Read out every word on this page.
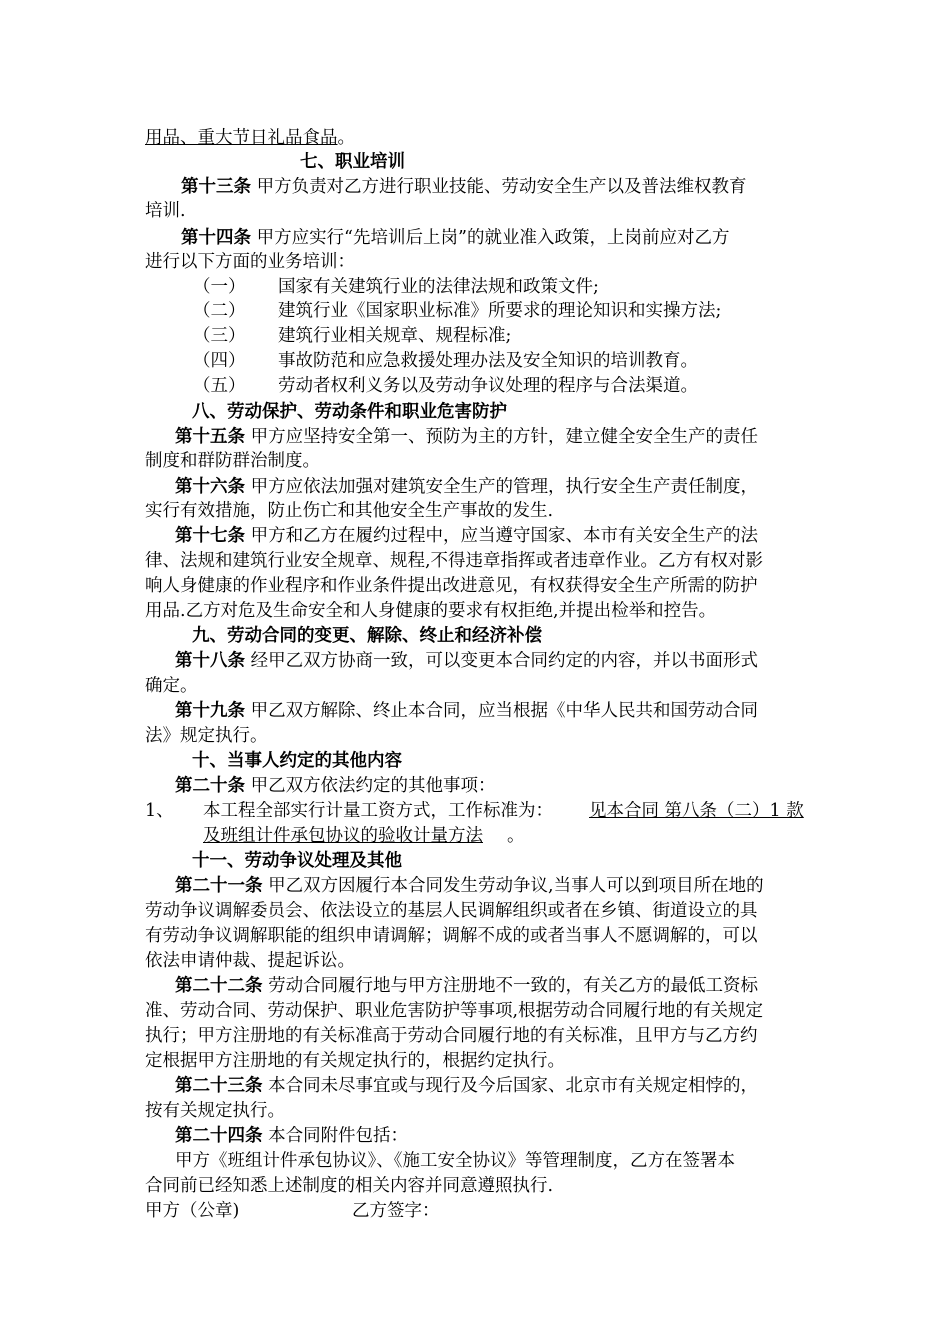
用品、重大节日礼品食品。
七、职业培训
第十三条 甲方负责对乙方进行职业技能、劳动安全生产以及普法维权教育
培训.
第十四条 甲方应实行“先培训后上岗”的就业准入政策，上岗前应对乙方
进行以下方面的业务培训：
（一） 国家有关建筑行业的法律法规和政策文件;
（二） 建筑行业《国家职业标准》所要求的理论知识和实操方法;
（三） 建筑行业相关规章、规程标准;
（四） 事故防范和应急救援处理办法及安全知识的培训教育。
（五） 劳动者权利义务以及劳动争议处理的程序与合法渠道。
八、劳动保护、劳动条件和职业危害防护
第十五条 甲方应坚持安全第一、预防为主的方针，建立健全安全生产的责任
制度和群防群治制度。
第十六条 甲方应依法加强对建筑安全生产的管理，执行安全生产责任制度，
实行有效措施，防止伤亡和其他安全生产事故的发生.
第十七条 甲方和乙方在履约过程中，应当遵守国家、本市有关安全生产的法
律、法规和建筑行业安全规章、规程,不得违章指挥或者违章作业。乙方有权对影
响人身健康的作业程序和作业条件提出改进意见，有权获得安全生产所需的防护
用品.乙方对危及生命安全和人身健康的要求有权拒绝,并提出检举和控告。
九、劳动合同的变更、解除、终止和经济补偿
第十八条 经甲乙双方协商一致，可以变更本合同约定的内容，并以书面形式
确定。
第十九条 甲乙双方解除、终止本合同，应当根据《中华人民共和国劳动合同
法》规定执行。
十、当事人约定的其他内容
第二十条 甲乙双方依法约定的其他事项：
1、 本工程全部实行计量工资方式，工作标准为： 见本合同 第八条（二）1 款
及班组计件承包协议的验收计量方法 。
十一、劳动争议处理及其他
第二十一条 甲乙双方因履行本合同发生劳动争议,当事人可以到项目所在地的
劳动争议调解委员会、依法设立的基层人民调解组织或者在乡镇、街道设立的具
有劳动争议调解职能的组织申请调解；调解不成的或者当事人不愿调解的，可以
依法申请仲裁、提起诉讼。
第二十二条 劳动合同履行地与甲方注册地不一致的，有关乙方的最低工资标
准、劳动合同、劳动保护、职业危害防护等事项,根据劳动合同履行地的有关规定
执行；甲方注册地的有关标准高于劳动合同履行地的有关标准，且甲方与乙方约
定根据甲方注册地的有关规定执行的，根据约定执行。
第二十三条 本合同未尽事宜或与现行及今后国家、北京市有关规定相悖的，
按有关规定执行。
第二十四条 本合同附件包括：
甲方《班组计件承包协议》、《施工安全协议》等管理制度，乙方在签署本
合同前已经知悉上述制度的相关内容并同意遵照执行.
甲方（公章)	乙方签字：
